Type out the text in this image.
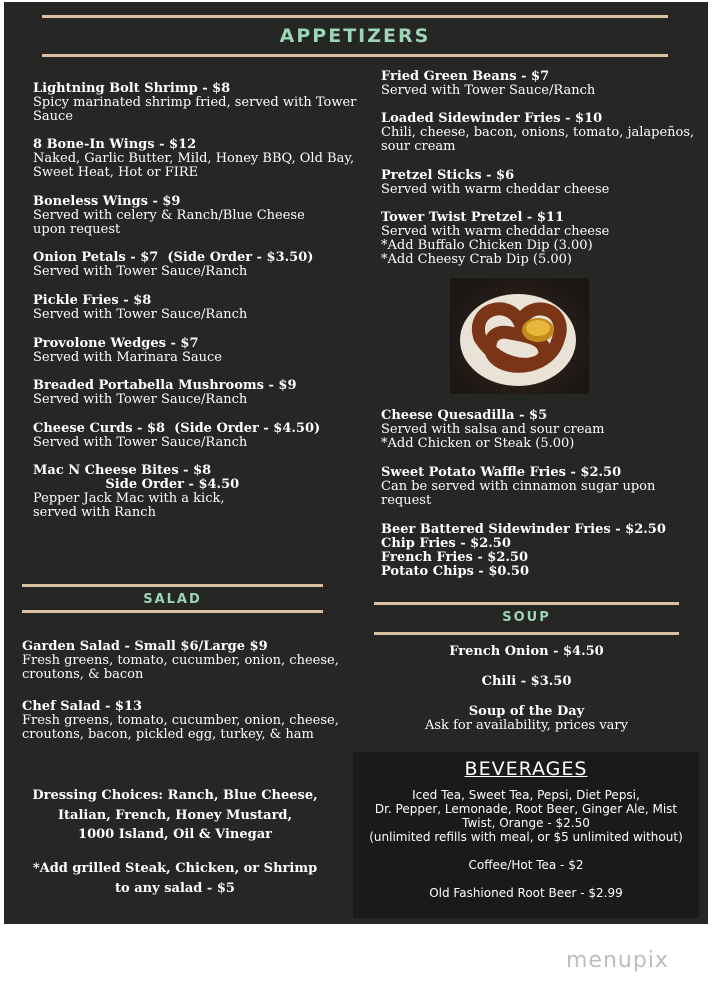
APPETIZERS
Lightning Bolt Shrimp - $8
Spicy marinated shrimp fried, served with Tower
Sauce
8 Bone-In Wings - $12
Naked, Garlic Butter, Mild, Honey BBQ, Old Bay,
Sweet Heat, Hot or FIRE
Boneless Wings - $9
Served with celery & Ranch/Blue Cheese
upon request
Onion Petals - $7  (Side Order - $3.50)
Served with Tower Sauce/Ranch
Pickle Fries - $8
Served with Tower Sauce/Ranch
Provolone Wedges - $7
Served with Marinara Sauce
Breaded Portabella Mushrooms - $9
Served with Tower Sauce/Ranch
Cheese Curds - $8  (Side Order - $4.50)
Served with Tower Sauce/Ranch
Mac N Cheese Bites - $8
Side Order - $4.50
Pepper Jack Mac with a kick,
served with Ranch
Fried Green Beans - $7
Served with Tower Sauce/Ranch
Loaded Sidewinder Fries - $10
Chili, cheese, bacon, onions, tomato, jalapeños,
sour cream
Pretzel Sticks - $6
Served with warm cheddar cheese
Tower Twist Pretzel - $11
Served with warm cheddar cheese
*Add Buffalo Chicken Dip (3.00)
*Add Cheesy Crab Dip (5.00)
Cheese Quesadilla - $5
Served with salsa and sour cream
*Add Chicken or Steak (5.00)
Sweet Potato Waffle Fries - $2.50
Can be served with cinnamon sugar upon
request
Beer Battered Sidewinder Fries - $2.50
Chip Fries - $2.50
French Fries - $2.50
Potato Chips - $0.50
SALAD
Garden Salad - Small $6/Large $9
Fresh greens, tomato, cucumber, onion, cheese,
croutons, & bacon
Chef Salad - $13
Fresh greens, tomato, cucumber, onion, cheese,
croutons, bacon, pickled egg, turkey, & ham
Dressing Choices: Ranch, Blue Cheese,
Italian, French, Honey Mustard,
1000 Island, Oil & Vinegar
*Add grilled Steak, Chicken, or Shrimp
to any salad - $5
SOUP
French Onion - $4.50
Chili - $3.50
Soup of the Day
Ask for availability, prices vary
BEVERAGES
Iced Tea, Sweet Tea, Pepsi, Diet Pepsi,
Dr. Pepper, Lemonade, Root Beer, Ginger Ale, Mist
Twist, Orange - $2.50
(unlimited refills with meal, or $5 unlimited without)
Coffee/Hot Tea - $2
Old Fashioned Root Beer - $2.99
menupix
